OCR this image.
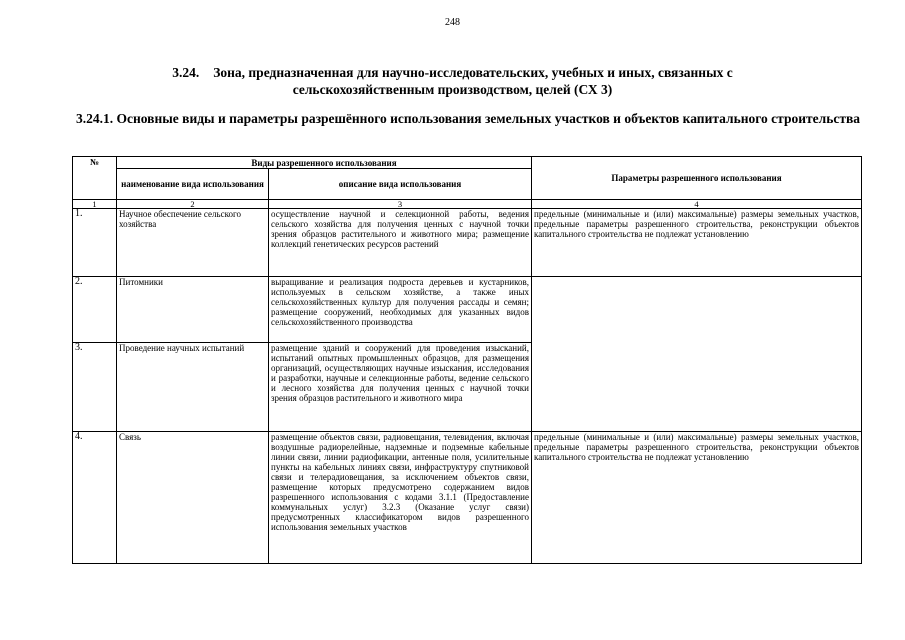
248
3.24. Зона, предназначенная для научно-исследовательских, учебных и иных, связанных с сельскохозяйственным производством, целей (СХ 3)
3.24.1. Основные виды и параметры разрешённого использования земельных участков и объектов капитального строительства
№	Виды разрешенного использования		Параметры разрешенного использования
	наименование вида использования	описание вида использования	
1	2	3	4
1.	Научное обеспечение сельского хозяйства	осуществление научной и селекционной работы, ведения сельского хозяйства для получения ценных с научной точки зрения образцов растительного и животного мира; размещение коллекций генетических ресурсов растений	предельные (минимальные и (или) максимальные) размеры земельных участков, предельные параметры разрешенного строительства, реконструкции объектов капитального строительства не подлежат установлению
2.	Питомники	выращивание и реализация подроста деревьев и кустарников, используемых в сельском хозяйстве, а также иных сельскохозяйственных культур для получения рассады и семян; размещение сооружений, необходимых для указанных видов сельскохозяйственного производства	
3.	Проведение научных испытаний	размещение зданий и сооружений для проведения изысканий, испытаний опытных промышленных образцов, для размещения организаций, осуществляющих научные изыскания, исследования и разработки, научные и селекционные работы, ведение сельского и лесного хозяйства для получения ценных с научной точки зрения образцов растительного и животного мира	
4.	Связь	размещение объектов связи, радиовещания, телевидения, включая воздушные радиорелейные, надземные и подземные кабельные линии связи, линии радиофикации, антенные поля, усилительные пункты на кабельных линиях связи, инфраструктуру спутниковой связи и телерадиовещания, за исключением объектов связи, размещение которых предусмотрено содержанием видов разрешенного использования с кодами 3.1.1 (Предоставление коммунальных услуг) 3.2.3 (Оказание услуг связи) предусмотренных классификатором видов разрешенного использования земельных участков	предельные (минимальные и (или) максимальные) размеры земельных участков, предельные параметры разрешенного строительства, реконструкции объектов капитального строительства не подлежат установлению
